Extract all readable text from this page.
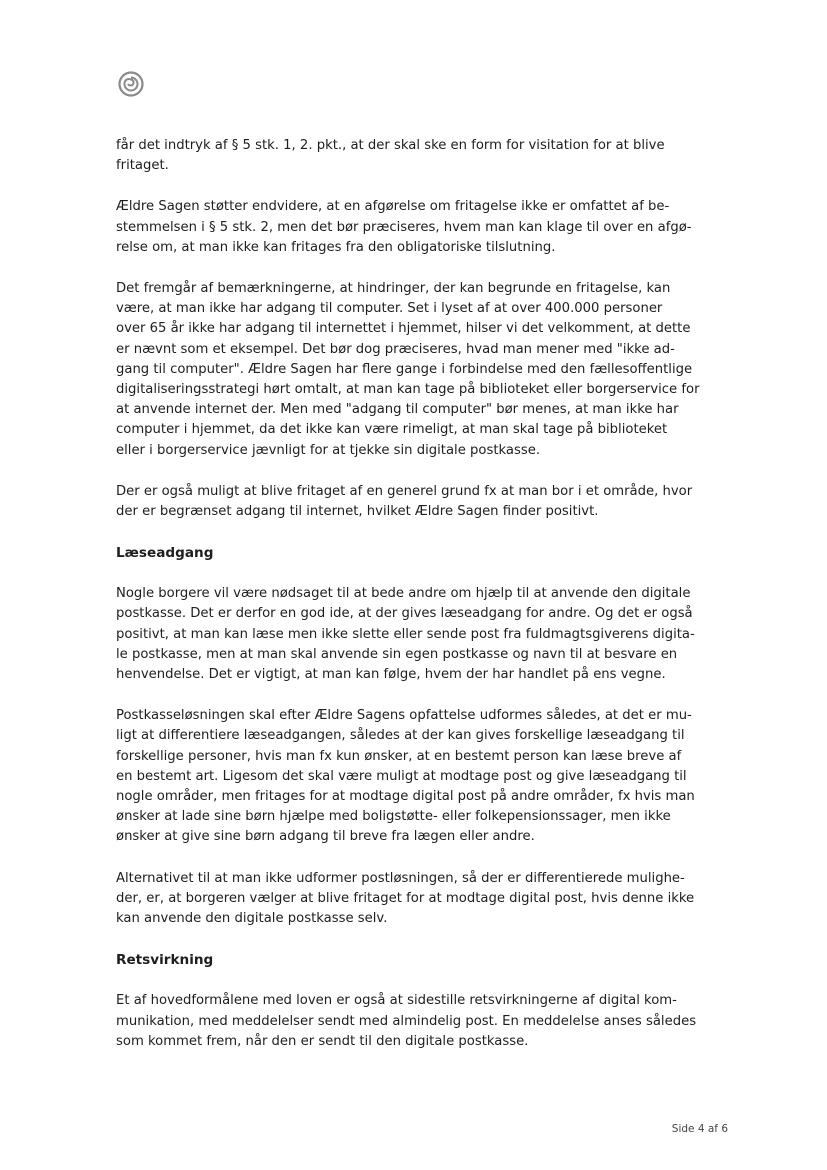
får det indtryk af § 5 stk. 1, 2. pkt., at der skal ske en form for visitation for at blive
fritaget.
Ældre Sagen støtter endvidere, at en afgørelse om fritagelse ikke er omfattet af be-
stemmelsen i § 5 stk. 2, men det bør præciseres, hvem man kan klage til over en afgø-
relse om, at man ikke kan fritages fra den obligatoriske tilslutning.
Det fremgår af bemærkningerne, at hindringer, der kan begrunde en fritagelse, kan
være, at man ikke har adgang til computer. Set i lyset af at over 400.000 personer
over 65 år ikke har adgang til internettet i hjemmet, hilser vi det velkomment, at dette
er nævnt som et eksempel. Det bør dog præciseres, hvad man mener med "ikke ad-
gang til computer". Ældre Sagen har flere gange i forbindelse med den fællesoffentlige
digitaliseringsstrategi hørt omtalt, at man kan tage på biblioteket eller borgerservice for
at anvende internet der. Men med "adgang til computer" bør menes, at man ikke har
computer i hjemmet, da det ikke kan være rimeligt, at man skal tage på biblioteket
eller i borgerservice jævnligt for at tjekke sin digitale postkasse.
Der er også muligt at blive fritaget af en generel grund fx at man bor i et område, hvor
der er begrænset adgang til internet, hvilket Ældre Sagen finder positivt.
Læseadgang
Nogle borgere vil være nødsaget til at bede andre om hjælp til at anvende den digitale
postkasse. Det er derfor en god ide, at der gives læseadgang for andre. Og det er også
positivt, at man kan læse men ikke slette eller sende post fra fuldmagtsgiverens digita-
le postkasse, men at man skal anvende sin egen postkasse og navn til at besvare en
henvendelse. Det er vigtigt, at man kan følge, hvem der har handlet på ens vegne.
Postkasseløsningen skal efter Ældre Sagens opfattelse udformes således, at det er mu-
ligt at differentiere læseadgangen, således at der kan gives forskellige læseadgang til
forskellige personer, hvis man fx kun ønsker, at en bestemt person kan læse breve af
en bestemt art. Ligesom det skal være muligt at modtage post og give læseadgang til
nogle områder, men fritages for at modtage digital post på andre områder, fx hvis man
ønsker at lade sine børn hjælpe med boligstøtte- eller folkepensionssager, men ikke
ønsker at give sine børn adgang til breve fra lægen eller andre.
Alternativet til at man ikke udformer postløsningen, så der er differentierede mulighe-
der, er, at borgeren vælger at blive fritaget for at modtage digital post, hvis denne ikke
kan anvende den digitale postkasse selv.
Retsvirkning
Et af hovedformålene med loven er også at sidestille retsvirkningerne af digital kom-
munikation, med meddelelser sendt med almindelig post. En meddelelse anses således
som kommet frem, når den er sendt til den digitale postkasse.
Side 4 af 6
